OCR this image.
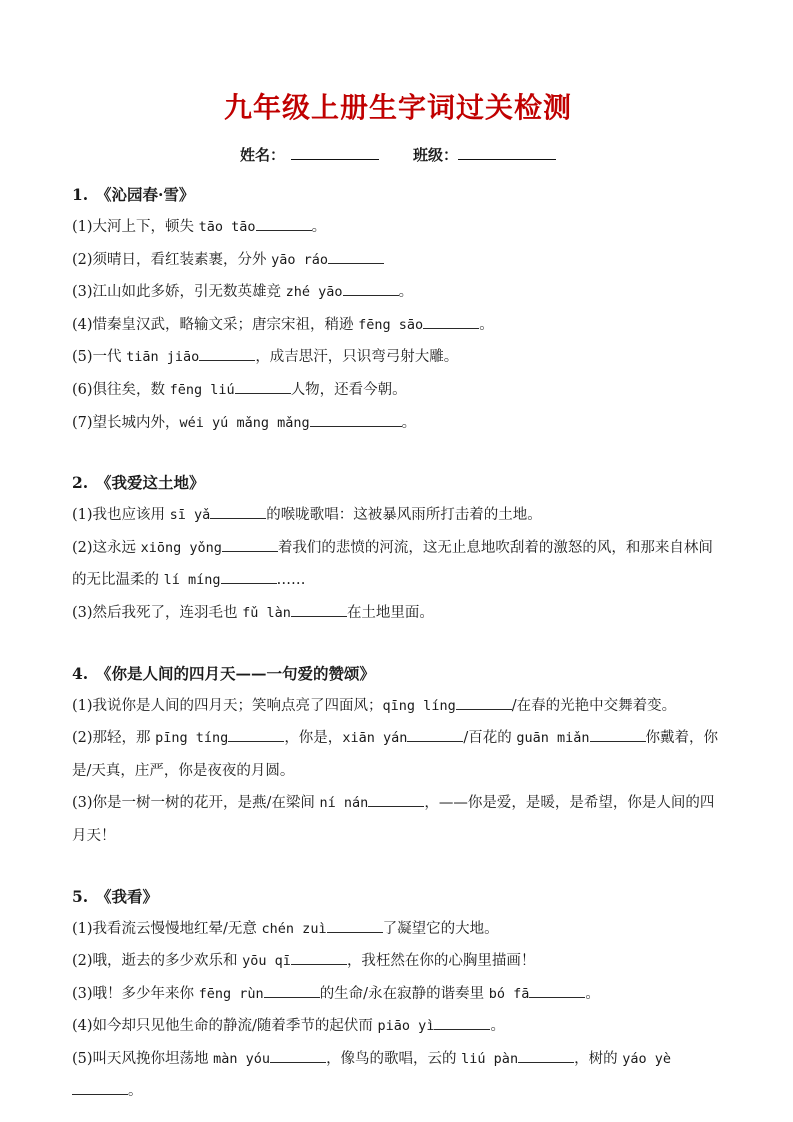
九年级上册生字词过关检测
姓名：	班级：
1. 《沁园春·雪》

(1)大河上下，顿失 tāo tāo	。

(2)须晴日，看红装素裹，分外 yāo ráo

(3)江山如此多娇，引无数英雄竞 zhé yāo	。

(4)惜秦皇汉武，略输文采；唐宗宋祖，稍逊 fēng sāo	。

(5)一代 tiān jiāo	，成吉思汗，只识弯弓射大雕。

(6)俱往矣，数 fēng liú	人物，还看今朝。

(7)望长城内外，wéi yú mǎng mǎng	。

2. 《我爱这土地》

(1)我也应该用 sī yǎ	的喉咙歌唱：这被暴风雨所打击着的土地。

(2)这永远 xiōng yǒng	着我们的悲愤的河流，这无止息地吹刮着的激怒的风，和那来自林间的无比温柔的 lí míng	……

(3)然后我死了，连羽毛也 fǔ làn	在土地里面。

4. 《你是人间的四月天——一句爱的赞颂》

(1)我说你是人间的四月天；笑响点亮了四面风；qīng líng	/在春的光艳中交舞着变。

(2)那轻，那 pīng tíng	，你是，xiān yán	/百花的 guān miǎn	你戴着，你是/天真，庄严，你是夜夜的月圆。

(3)你是一树一树的花开，是燕/在梁间 ní nán	，——你是爱，是暖，是希望，你是人间的四月天！

5. 《我看》

(1)我看流云慢慢地红晕/无意 chén zuì	了凝望它的大地。

(2)哦，逝去的多少欢乐和 yōu qī	，我枉然在你的心胸里描画！

(3)哦！多少年来你 fēng rùn	的生命/永在寂静的谐奏里 bó fā	。

(4)如今却只见他生命的静流/随着季节的起伏而 piāo yì	。

(5)叫天风挽你坦荡地 màn yóu	，像鸟的歌唱，云的 liú pàn	，树的 yáo yè。
